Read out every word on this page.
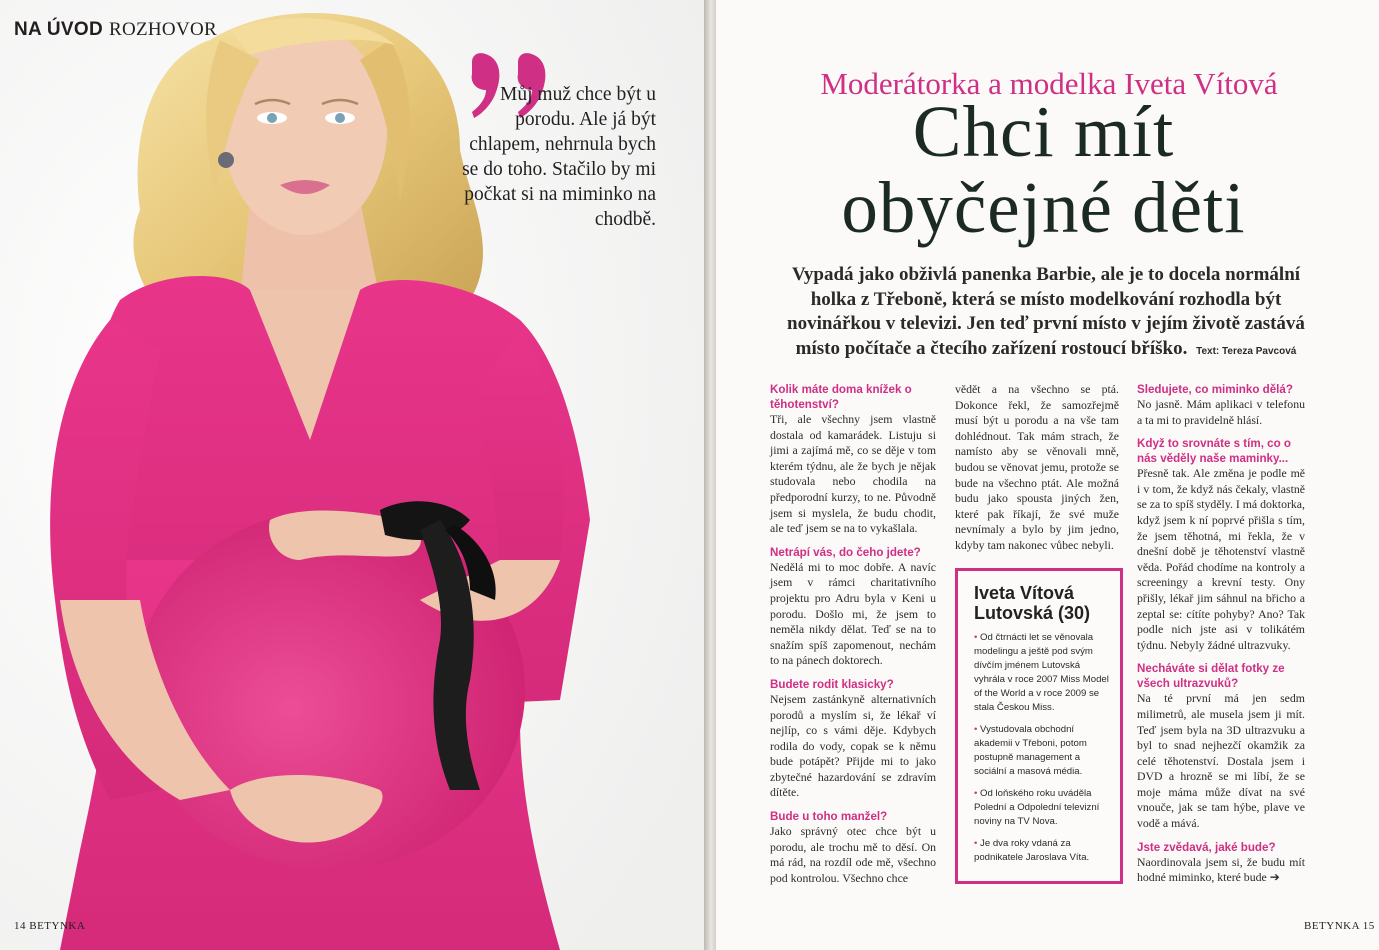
NA ÚVOD ROZHOVOR
Můj muž chce být u porodu. Ale já být chlapem, nehrnula bych se do toho. Stačilo by mi počkat si na miminko na chodbě.
14 BETYNKA
Moderátorka a modelka Iveta Vítová
Chci mít
obyčejné děti
Vypadá jako obživlá panenka Barbie, ale je to docela normální holka z Třeboně, která se místo modelkování rozhodla být novinářkou v televizi. Jen teď první místo v jejím životě zastává místo počítače a čtecího zařízení rostoucí bříško. Text: Tereza Pavcová
Kolik máte doma knížek o těhotenství?

Tři, ale všechny jsem vlastně dostala od kamarádek. Listuju si jimi a zajímá mě, co se děje v tom kterém týdnu, ale že bych je nějak studovala nebo chodila na předporodní kurzy, to ne. Původně jsem si myslela, že budu chodit, ale teď jsem se na to vykašlala.

Netrápí vás, do čeho jdete?

Nedělá mi to moc dobře. A navíc jsem v rámci charitativního projektu pro Adru byla v Keni u porodu. Došlo mi, že jsem to neměla nikdy dělat. Teď se na to snažím spíš zapomenout, nechám to na pánech doktorech.

Budete rodit klasicky?

Nejsem zastánkyně alternativních porodů a myslím si, že lékař ví nejlíp, co s vámi děje. Kdybych rodila do vody, copak se k němu bude potápět? Přijde mi to jako zbytečné hazardování se zdravím dítěte.

Bude u toho manžel?

Jako správný otec chce být u porodu, ale trochu mě to děsí. On má rád, na rozdíl ode mě, všechno pod kontrolou. Všechno chce

vědět a na všechno se ptá. Dokonce řekl, že samozřejmě musí být u porodu a na vše tam dohlédnout. Tak mám strach, že namísto aby se věnovali mně, budou se věnovat jemu, protože se bude na všechno ptát. Ale možná budu jako spousta jiných žen, které pak říkají, že své muže nevnímaly a bylo by jim jedno, kdyby tam nakonec vůbec nebyli.

Iveta Vítová
Lutovská (30)
• Od čtrnácti let se věnovala modelingu a ještě pod svým dívčím jménem Lutovská vyhrála v roce 2007 Miss Model of the World a v roce 2009 se stala Českou Miss.
• Vystudovala obchodní akademii v Třeboni, potom postupně management a sociální a masová média.
• Od loňského roku uváděla Polední a Odpolední televizní noviny na TV Nova.
• Je dva roky vdaná za podnikatele Jaroslava Víta.
Sledujete, co miminko dělá?

No jasně. Mám aplikaci v telefonu a ta mi to pravidelně hlásí.

Když to srovnáte s tím, co o nás věděly naše maminky...

Přesně tak. Ale změna je podle mě i v tom, že když nás čekaly, vlastně se za to spíš styděly. I má doktorka, když jsem k ní poprvé přišla s tím, že jsem těhotná, mi řekla, že v dnešní době je těhotenství vlastně věda. Pořád chodíme na kontroly a screeningy a krevní testy. Ony přišly, lékař jim sáhnul na břicho a zeptal se: cítíte pohyby? Ano? Tak podle nich jste asi v tolikátém týdnu. Nebyly žádné ultrazvuky.

Necháváte si dělat fotky ze všech ultrazvuků?

Na té první má jen sedm milimetrů, ale musela jsem ji mít. Teď jsem byla na 3D ultrazvuku a byl to snad nejhezčí okamžik za celé těhotenství. Dostala jsem i DVD a hrozně se mi líbí, že se moje máma může dívat na své vnouče, jak se tam hýbe, plave ve vodě a mává.

Jste zvědavá, jaké bude?

Naordinovala jsem si, že budu mít hodné miminko, které bude ➔

BETYNKA 15
